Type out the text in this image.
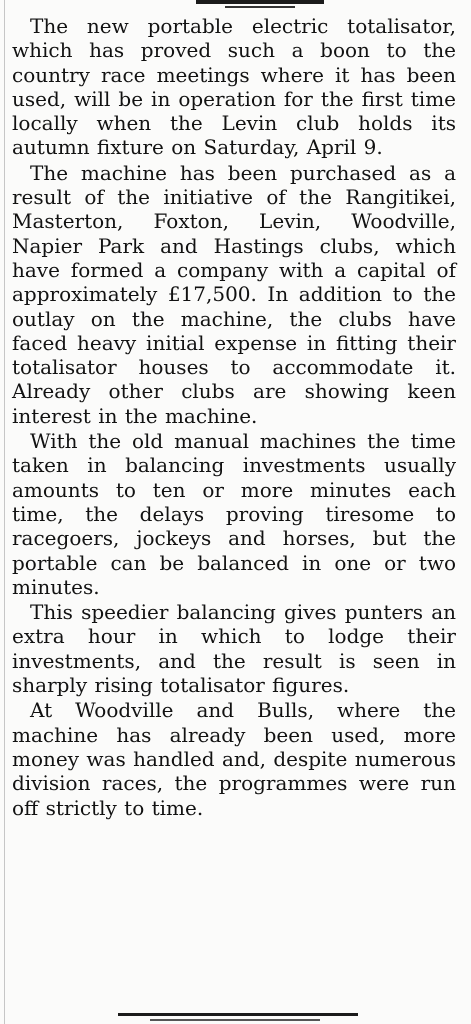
The new portable electric totalisator, which has proved such a boon to the country race meetings where it has been used, will be in operation for the first time locally when the Levin club holds its autumn fixture on Saturday, April 9.

The machine has been purchased as a result of the initiative of the Rangitikei, Masterton, Foxton, Levin, Woodville, Napier Park and Hastings clubs, which have formed a company with a capital of approximately £17,500. In addition to the outlay on the machine, the clubs have faced heavy initial expense in fitting their totalisator houses to accommodate it. Already other clubs are showing keen interest in the machine.

With the old manual machines the time taken in balancing investments usually amounts to ten or more minutes each time, the delays proving tiresome to racegoers, jockeys and horses, but the portable can be balanced in one or two minutes.

This speedier balancing gives punters an extra hour in which to lodge their investments, and the result is seen in sharply rising totalisator figures.

At Woodville and Bulls, where the machine has already been used, more money was handled and, despite numerous division races, the programmes were run off strictly to time.
